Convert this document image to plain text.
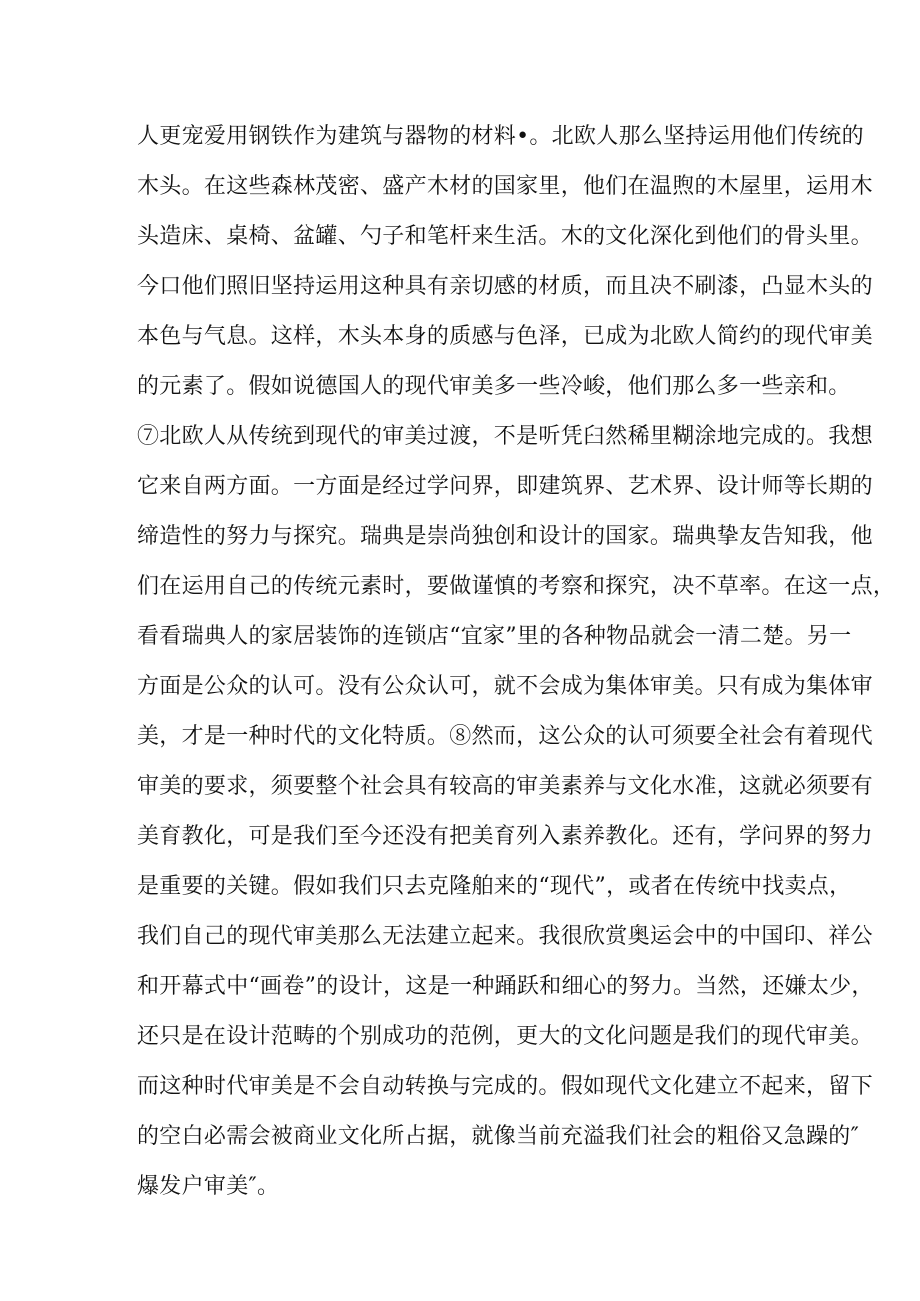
人更宠爱用钢铁作为建筑与器物的材料•。北欧人那么坚持运用他们传统的
木头。在这些森林茂密、盛产木材的国家里，他们在温煦的木屋里，运用木
头造床、桌椅、盆罐、勺子和笔杆来生活。木的文化深化到他们的骨头里。
今口他们照旧坚持运用这种具有亲切感的材质，而且决不刷漆，凸显木头的
本色与气息。这样，木头本身的质感与色泽，已成为北欧人简约的现代审美
的元素了。假如说德国人的现代审美多一些冷峻，他们那么多一些亲和。
⑦北欧人从传统到现代的审美过渡，不是听凭臼然稀里糊涂地完成的。我想
它来自两方面。一方面是经过学问界，即建筑界、艺术界、设计师等长期的
缔造性的努力与探究。瑞典是崇尚独创和设计的国家。瑞典挚友告知我，他
们在运用自己的传统元素时，要做谨慎的考察和探究，决不草率。在这一点，
看看瑞典人的家居装饰的连锁店“宜家”里的各种物品就会一清二楚。另一
方面是公众的认可。没有公众认可，就不会成为集体审美。只有成为集体审
美，才是一种时代的文化特质。⑧然而，这公众的认可须要全社会有着现代
审美的要求，须要整个社会具有较高的审美素养与文化水准，这就必须要有
美育教化，可是我们至今还没有把美育列入素养教化。还有，学问界的努力
是重要的关键。假如我们只去克隆舶来的“现代”，或者在传统中找卖点，
我们自己的现代审美那么无法建立起来。我很欣赏奥运会中的中国印、祥公
和开幕式中“画卷”的设计，这是一种踊跃和细心的努力。当然，还嫌太少，
还只是在设计范畴的个别成功的范例，更大的文化问题是我们的现代审美。
而这种时代审美是不会自动转换与完成的。假如现代文化建立不起来，留下
的空白必需会被商业文化所占据，就像当前充溢我们社会的粗俗又急躁的″
爆发户审美″。
